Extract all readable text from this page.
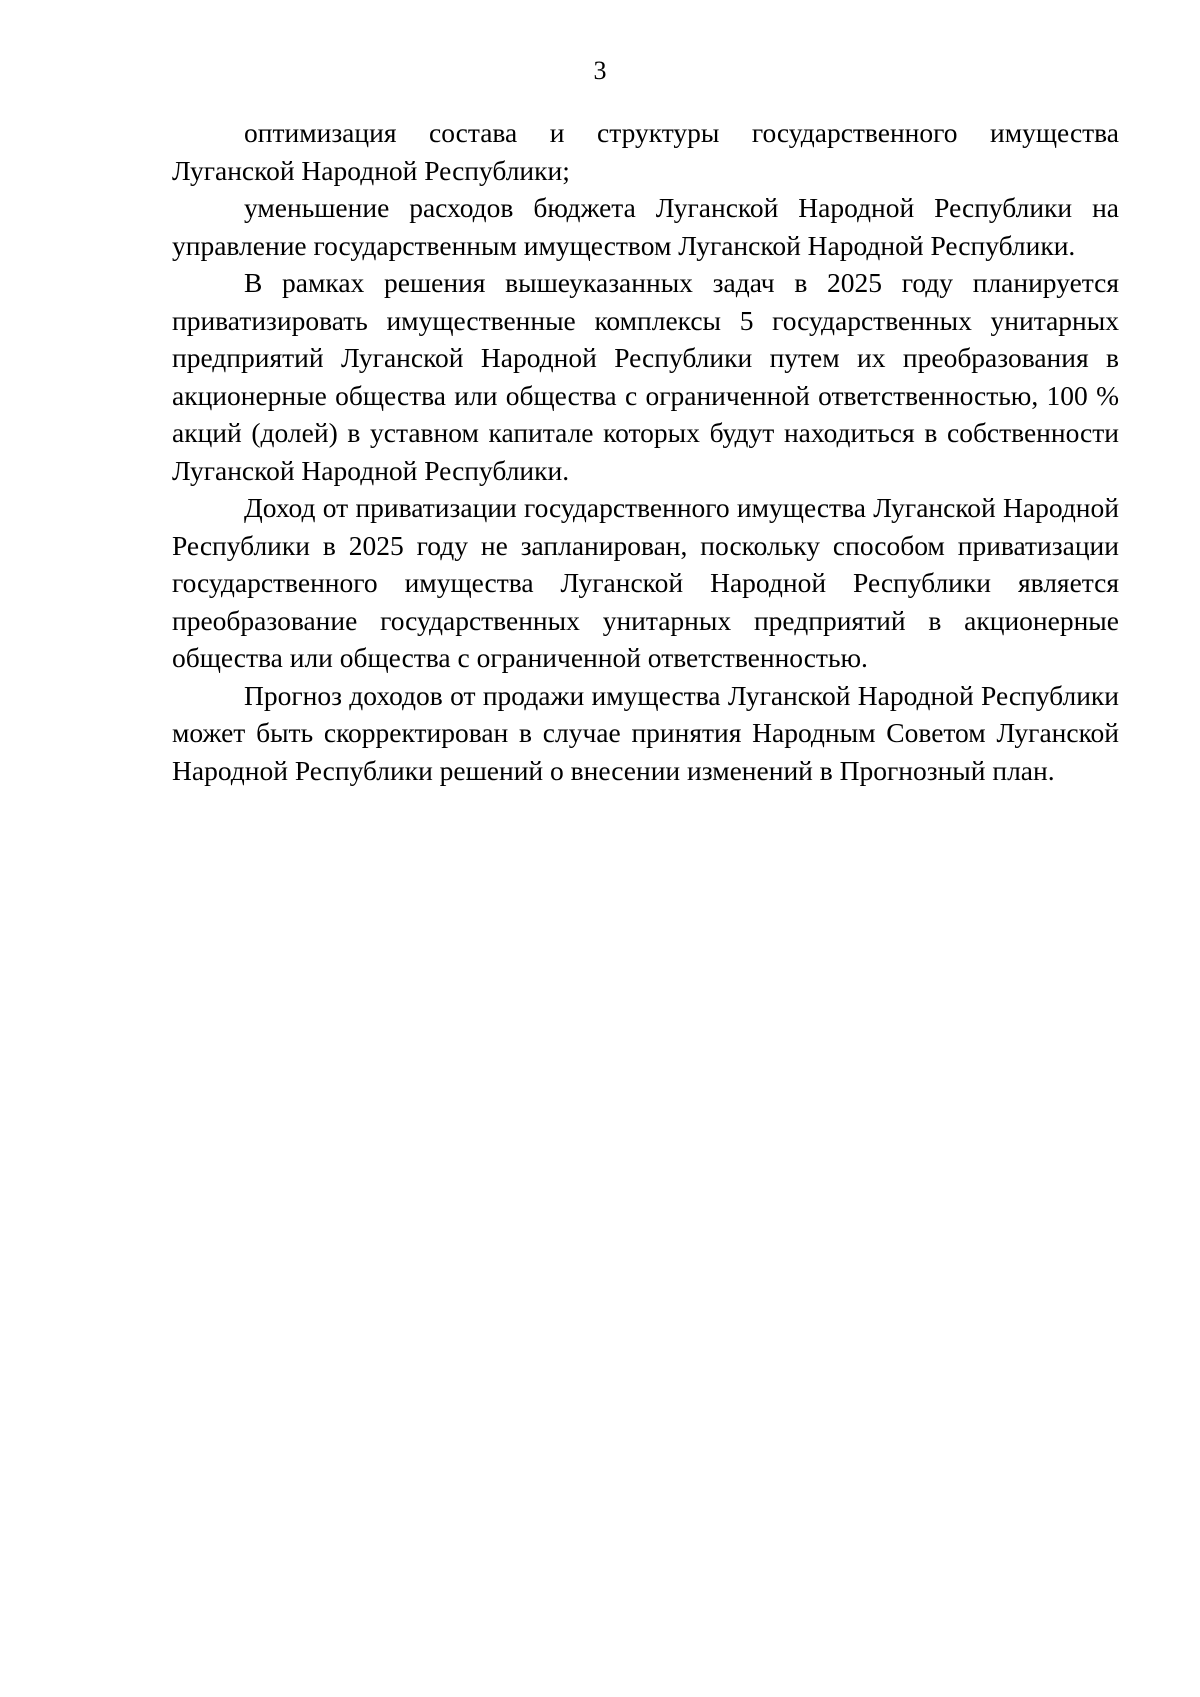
3

оптимизация состава и структуры государственного имущества Луганской Народной Республики;

уменьшение расходов бюджета Луганской Народной Республики на управление государственным имуществом Луганской Народной Республики.

В рамках решения вышеуказанных задач в 2025 году планируется приватизировать имущественные комплексы 5 государственных унитарных предприятий Луганской Народной Республики путем их преобразования в акционерные общества или общества с ограниченной ответственностью, 100 % акций (долей) в уставном капитале которых будут находиться в собственности Луганской Народной Республики.

Доход от приватизации государственного имущества Луганской Народной Республики в 2025 году не запланирован, поскольку способом приватизации государственного имущества Луганской Народной Республики является преобразование государственных унитарных предприятий в акционерные общества или общества с ограниченной ответственностью.

Прогноз доходов от продажи имущества Луганской Народной Республики может быть скорректирован в случае принятия Народным Советом Луганской Народной Республики решений о внесении изменений в Прогнозный план.
